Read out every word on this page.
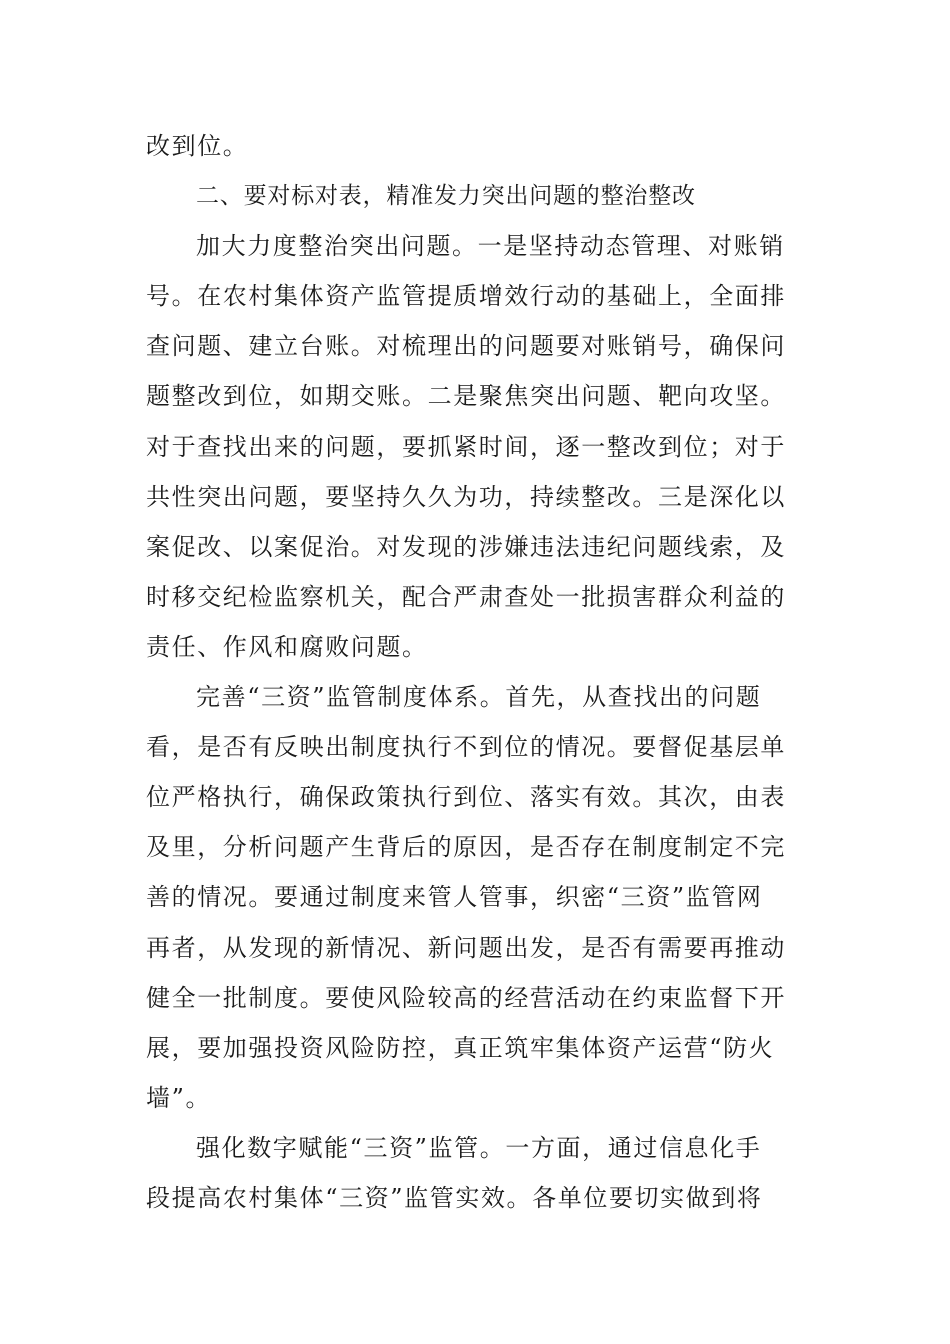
改到位。

二、要对标对表，精准发力突出问题的整治整改

加大力度整治突出问题。一是坚持动态管理、对账销
号。在农村集体资产监管提质增效行动的基础上，全面排
查问题、建立台账。对梳理出的问题要对账销号，确保问
题整改到位，如期交账。二是聚焦突出问题、靶向攻坚。
对于查找出来的问题，要抓紧时间，逐一整改到位；对于
共性突出问题，要坚持久久为功，持续整改。三是深化以
案促改、以案促治。对发现的涉嫌违法违纪问题线索，及
时移交纪检监察机关，配合严肃查处一批损害群众利益的
责任、作风和腐败问题。

完善“三资”监管制度体系。首先，从查找出的问题
看，是否有反映出制度执行不到位的情况。要督促基层单
位严格执行，确保政策执行到位、落实有效。其次，由表
及里，分析问题产生背后的原因，是否存在制度制定不完
善的情况。要通过制度来管人管事，织密“三资”监管网
再者，从发现的新情况、新问题出发，是否有需要再推动
健全一批制度。要使风险较高的经营活动在约束监督下开
展，要加强投资风险防控，真正筑牢集体资产运营“防火
墙”。

强化数字赋能“三资”监管。一方面，通过信息化手
段提高农村集体“三资”监管实效。各单位要切实做到将
